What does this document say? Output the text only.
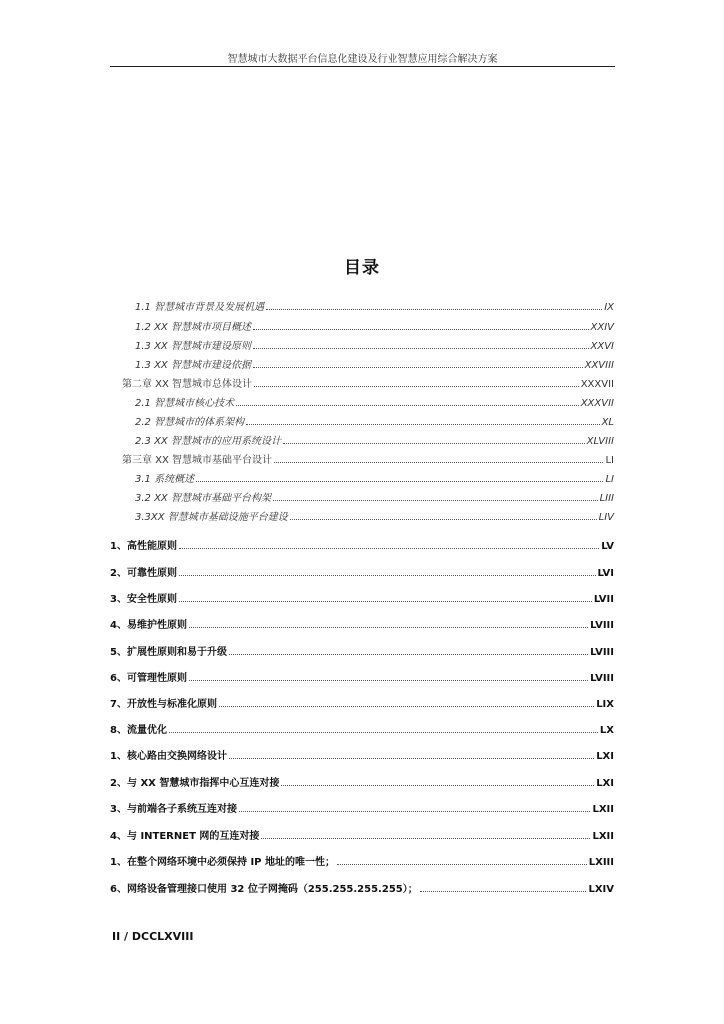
智慧城市大数据平台信息化建设及行业智慧应用综合解决方案
目录
1.1 智慧城市背景及发展机遇	IX
1.2 XX 智慧城市项目概述	XXIV
1.3 XX 智慧城市建设原则	XXVI
1.3 XX 智慧城市建设依据	XXVIII
第二章 XX 智慧城市总体设计	XXXVII
2.1 智慧城市核心技术	XXXVII
2.2 智慧城市的体系架构	XL
2.3 XX 智慧城市的应用系统设计	XLVIII
第三章 XX 智慧城市基础平台设计	LI
3.1 系统概述	LI
3.2 XX 智慧城市基础平台构架	LIII
3.3XX 智慧城市基础设施平台建设	LIV
1、高性能原则	LV
2、可靠性原则	LVI
3、安全性原则	LVII
4、易维护性原则	LVIII
5、扩展性原则和易于升级	LVIII
6、可管理性原则	LVIII
7、开放性与标准化原则	LIX
8、流量优化	LX
1、核心路由交换网络设计	LXI
2、与 XX 智慧城市指挥中心互连对接	LXI
3、与前端各子系统互连对接	LXII
4、与 INTERNET 网的互连对接	LXII
1、在整个网络环境中必须保持 IP 地址的唯一性；	LXIII
6、网络设备管理接口使用 32 位子网掩码（255.255.255.255）；	LXIV
II / DCCLXVIII
